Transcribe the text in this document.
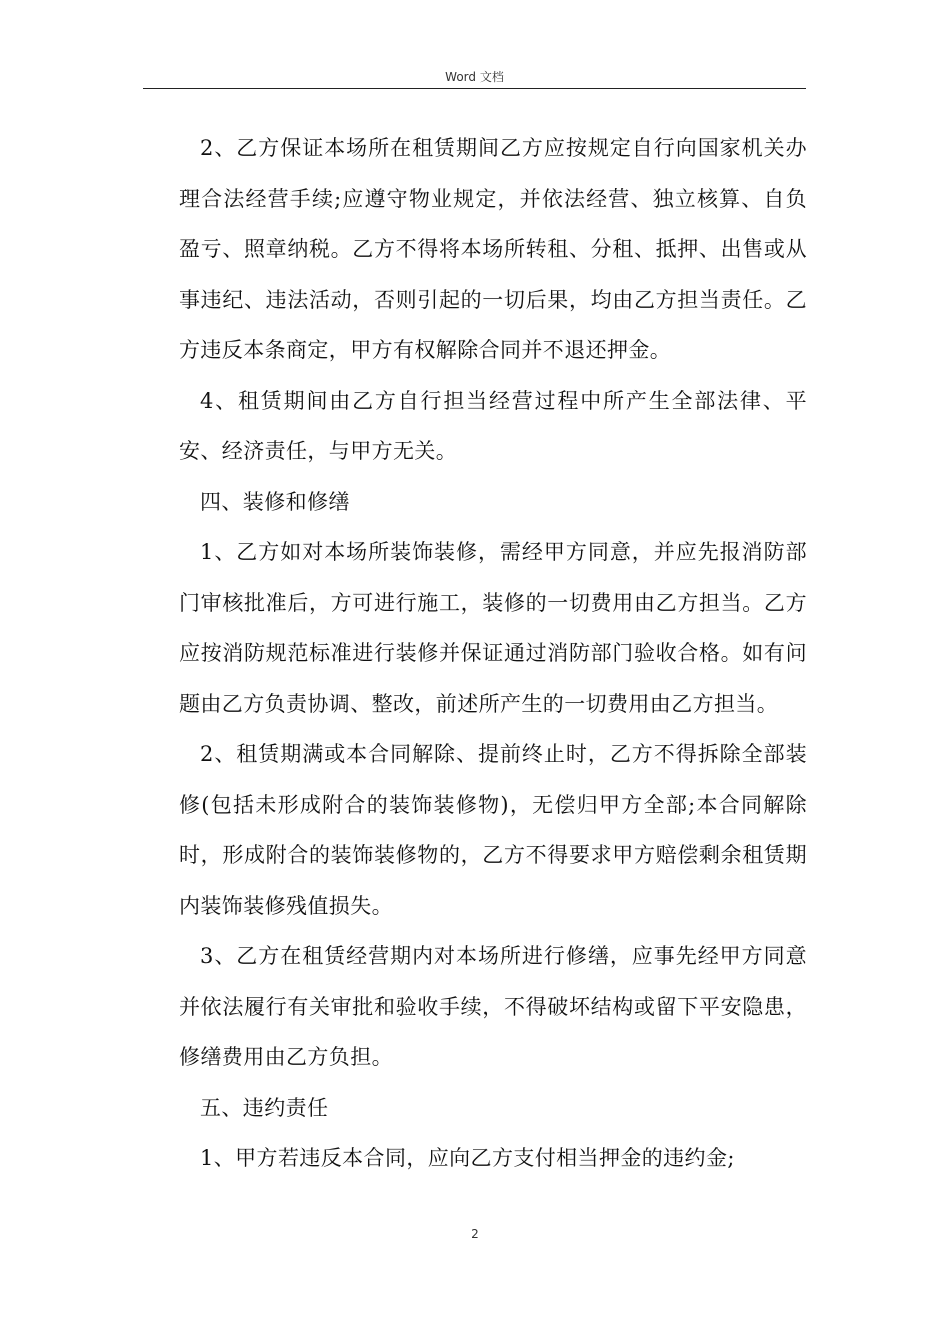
Word 文档

2、乙方保证本场所在租赁期间乙方应按规定自行向国家机关办理合法经营手续;应遵守物业规定，并依法经营、独立核算、自负盈亏、照章纳税。乙方不得将本场所转租、分租、抵押、出售或从事违纪、违法活动，否则引起的一切后果，均由乙方担当责任。乙方违反本条商定，甲方有权解除合同并不退还押金。

4、租赁期间由乙方自行担当经营过程中所产生全部法律、平安、经济责任，与甲方无关。

四、装修和修缮

1、乙方如对本场所装饰装修，需经甲方同意，并应先报消防部门审核批准后，方可进行施工，装修的一切费用由乙方担当。乙方应按消防规范标准进行装修并保证通过消防部门验收合格。如有问题由乙方负责协调、整改，前述所产生的一切费用由乙方担当。

2、租赁期满或本合同解除、提前终止时，乙方不得拆除全部装修(包括未形成附合的装饰装修物)，无偿归甲方全部;本合同解除时，形成附合的装饰装修物的，乙方不得要求甲方赔偿剩余租赁期内装饰装修残值损失。

3、乙方在租赁经营期内对本场所进行修缮，应事先经甲方同意并依法履行有关审批和验收手续，不得破坏结构或留下平安隐患，修缮费用由乙方负担。

五、违约责任

1、甲方若违反本合同，应向乙方支付相当押金的违约金;

2
